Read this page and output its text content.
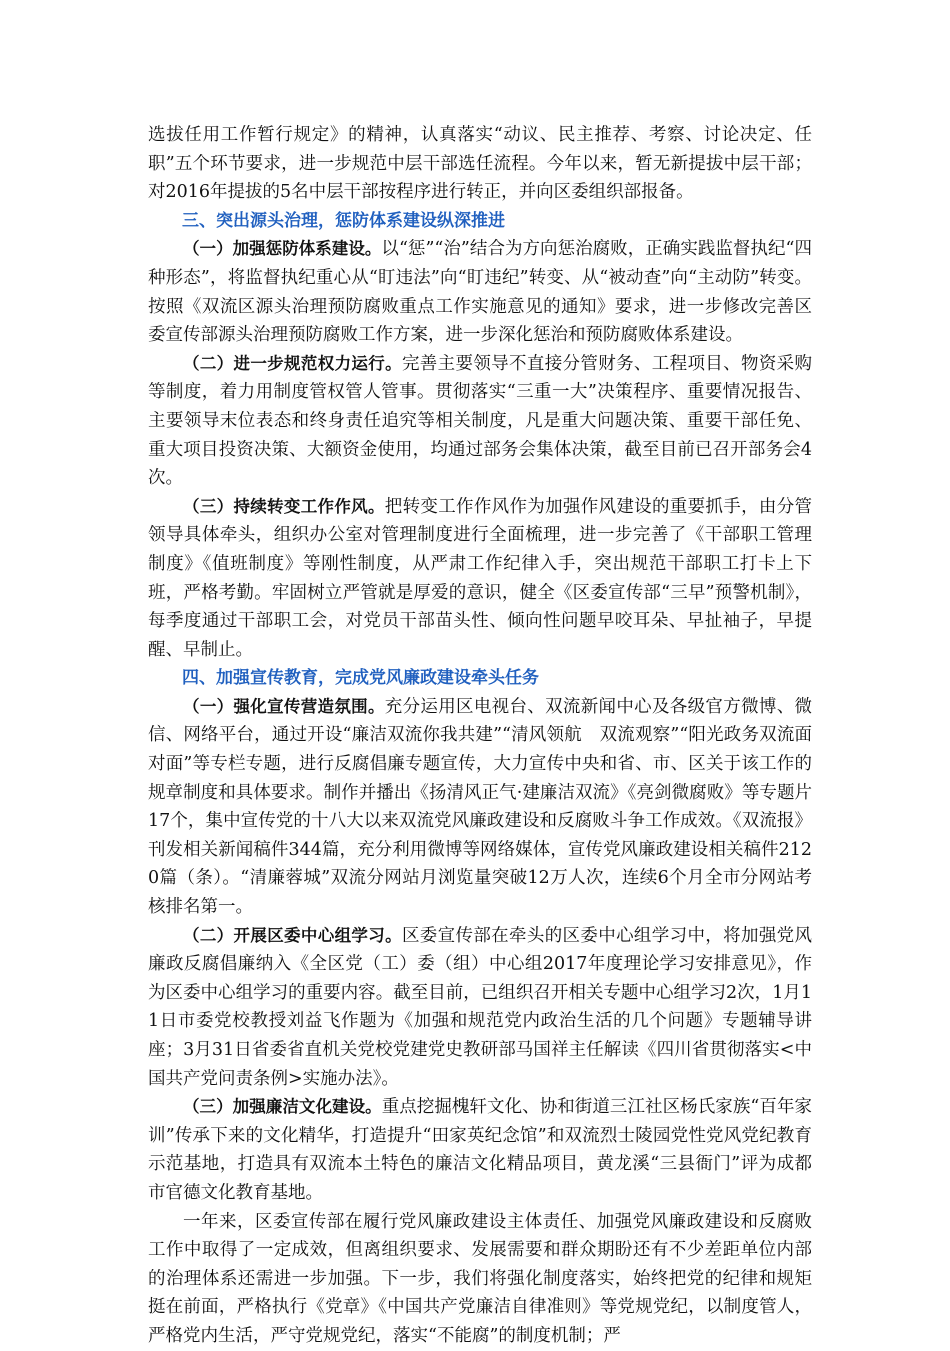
选拔任用工作暂行规定》的精神，认真落实“动议、民主推荐、考察、讨论决定、任职”五个环节要求，进一步规范中层干部选任流程。今年以来，暂无新提拔中层干部；对2016年提拔的5名中层干部按程序进行转正，并向区委组织部报备。

三、突出源头治理，惩防体系建设纵深推进

（一）加强惩防体系建设。以“惩”“治”结合为方向惩治腐败，正确实践监督执纪“四种形态”，将监督执纪重心从“盯违法”向“盯违纪”转变、从“被动查”向“主动防”转变。按照《双流区源头治理预防腐败重点工作实施意见的通知》要求，进一步修改完善区委宣传部源头治理预防腐败工作方案，进一步深化惩治和预防腐败体系建设。

（二）进一步规范权力运行。完善主要领导不直接分管财务、工程项目、物资采购等制度，着力用制度管权管人管事。贯彻落实“三重一大”决策程序、重要情况报告、主要领导末位表态和终身责任追究等相关制度，凡是重大问题决策、重要干部任免、重大项目投资决策、大额资金使用，均通过部务会集体决策，截至目前已召开部务会4次。

（三）持续转变工作作风。把转变工作作风作为加强作风建设的重要抓手，由分管领导具体牵头，组织办公室对管理制度进行全面梳理，进一步完善了《干部职工管理制度》《值班制度》等刚性制度，从严肃工作纪律入手，突出规范干部职工打卡上下班，严格考勤。牢固树立严管就是厚爱的意识，健全《区委宣传部“三早”预警机制》，每季度通过干部职工会，对党员干部苗头性、倾向性问题早咬耳朵、早扯袖子，早提醒、早制止。

四、加强宣传教育，完成党风廉政建设牵头任务

（一）强化宣传营造氛围。充分运用区电视台、双流新闻中心及各级官方微博、微信、网络平台，通过开设“廉洁双流你我共建”“清风领航　双流观察”“阳光政务双流面对面”等专栏专题，进行反腐倡廉专题宣传，大力宣传中央和省、市、区关于该工作的规章制度和具体要求。制作并播出《扬清风正气·建廉洁双流》《亮剑微腐败》等专题片17个，集中宣传党的十八大以来双流党风廉政建设和反腐败斗争工作成效。《双流报》刊发相关新闻稿件344篇，充分利用微博等网络媒体，宣传党风廉政建设相关稿件2120篇（条）。“清廉蓉城”双流分网站月浏览量突破12万人次，连续6个月全市分网站考核排名第一。

（二）开展区委中心组学习。区委宣传部在牵头的区委中心组学习中，将加强党风廉政反腐倡廉纳入《全区党（工）委（组）中心组2017年度理论学习安排意见》，作为区委中心组学习的重要内容。截至目前，已组织召开相关专题中心组学习2次，1月11日市委党校教授刘益飞作题为《加强和规范党内政治生活的几个问题》专题辅导讲座；3月31日省委省直机关党校党建党史教研部马国祥主任解读《四川省贯彻落实<中国共产党问责条例>实施办法》。

（三）加强廉洁文化建设。重点挖掘槐轩文化、协和街道三江社区杨氏家族“百年家训”传承下来的文化精华，打造提升“田家英纪念馆”和双流烈士陵园党性党风党纪教育示范基地，打造具有双流本土特色的廉洁文化精品项目，黄龙溪“三县衙门”评为成都市官德文化教育基地。

一年来，区委宣传部在履行党风廉政建设主体责任、加强党风廉政建设和反腐败工作中取得了一定成效，但离组织要求、发展需要和群众期盼还有不少差距单位内部的治理体系还需进一步加强。下一步，我们将强化制度落实，始终把党的纪律和规矩挺在前面，严格执行《党章》《中国共产党廉洁自律准则》等党规党纪，以制度管人，严格党内生活，严守党规党纪，落实“不能腐”的制度机制；严
